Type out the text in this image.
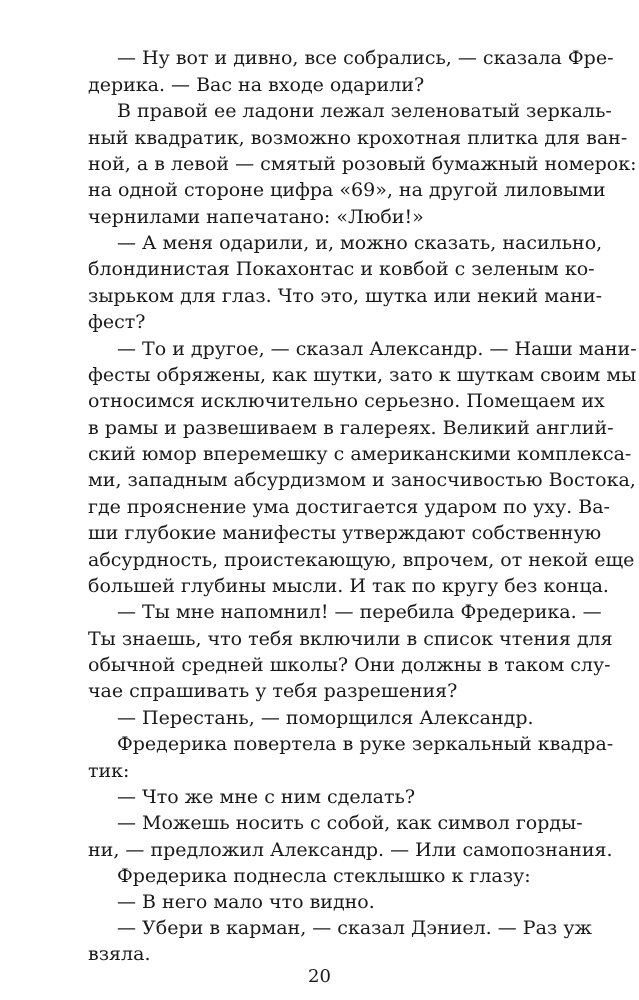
— Ну вот и дивно, все собрались, — сказала Фре-
дерика. — Вас на входе одарили?
В правой ее ладони лежал зеленоватый зеркаль-
ный квадратик, возможно крохотная плитка для ван-
ной, а в левой — смятый розовый бумажный номерок:
на одной стороне цифра «69», на другой лиловыми
чернилами напечатано: «Люби!»
— А меня одарили, и, можно сказать, насильно,
блондинистая Покахонтас и ковбой с зеленым ко-
зырьком для глаз. Что это, шутка или некий мани-
фест?
— То и другое, — сказал Александр. — Наши мани-
фесты обряжены, как шутки, зато к шуткам своим мы
относимся исключительно серьезно. Помещаем их
в рамы и развешиваем в галереях. Великий англий-
ский юмор вперемешку с американскими комплекса-
ми, западным абсурдизмом и заносчивостью Востока,
где прояснение ума достигается ударом по уху. Ва-
ши глубокие манифесты утверждают собственную
абсурдность, проистекающую, впрочем, от некой еще
большей глубины мысли. И так по кругу без конца.
— Ты мне напомнил! — перебила Фредерика. —
Ты знаешь, что тебя включили в список чтения для
обычной средней школы? Они должны в таком слу-
чае спрашивать у тебя разрешения?
— Перестань, — поморщился Александр.
Фредерика повертела в руке зеркальный квадра-
тик:
— Что же мне с ним сделать?
— Можешь носить с собой, как символ горды-
ни, — предложил Александр. — Или самопознания.
Фредерика поднесла стеклышко к глазу:
— В него мало что видно.
— Убери в карман, — сказал Дэниел. — Раз уж
взяла.
20
